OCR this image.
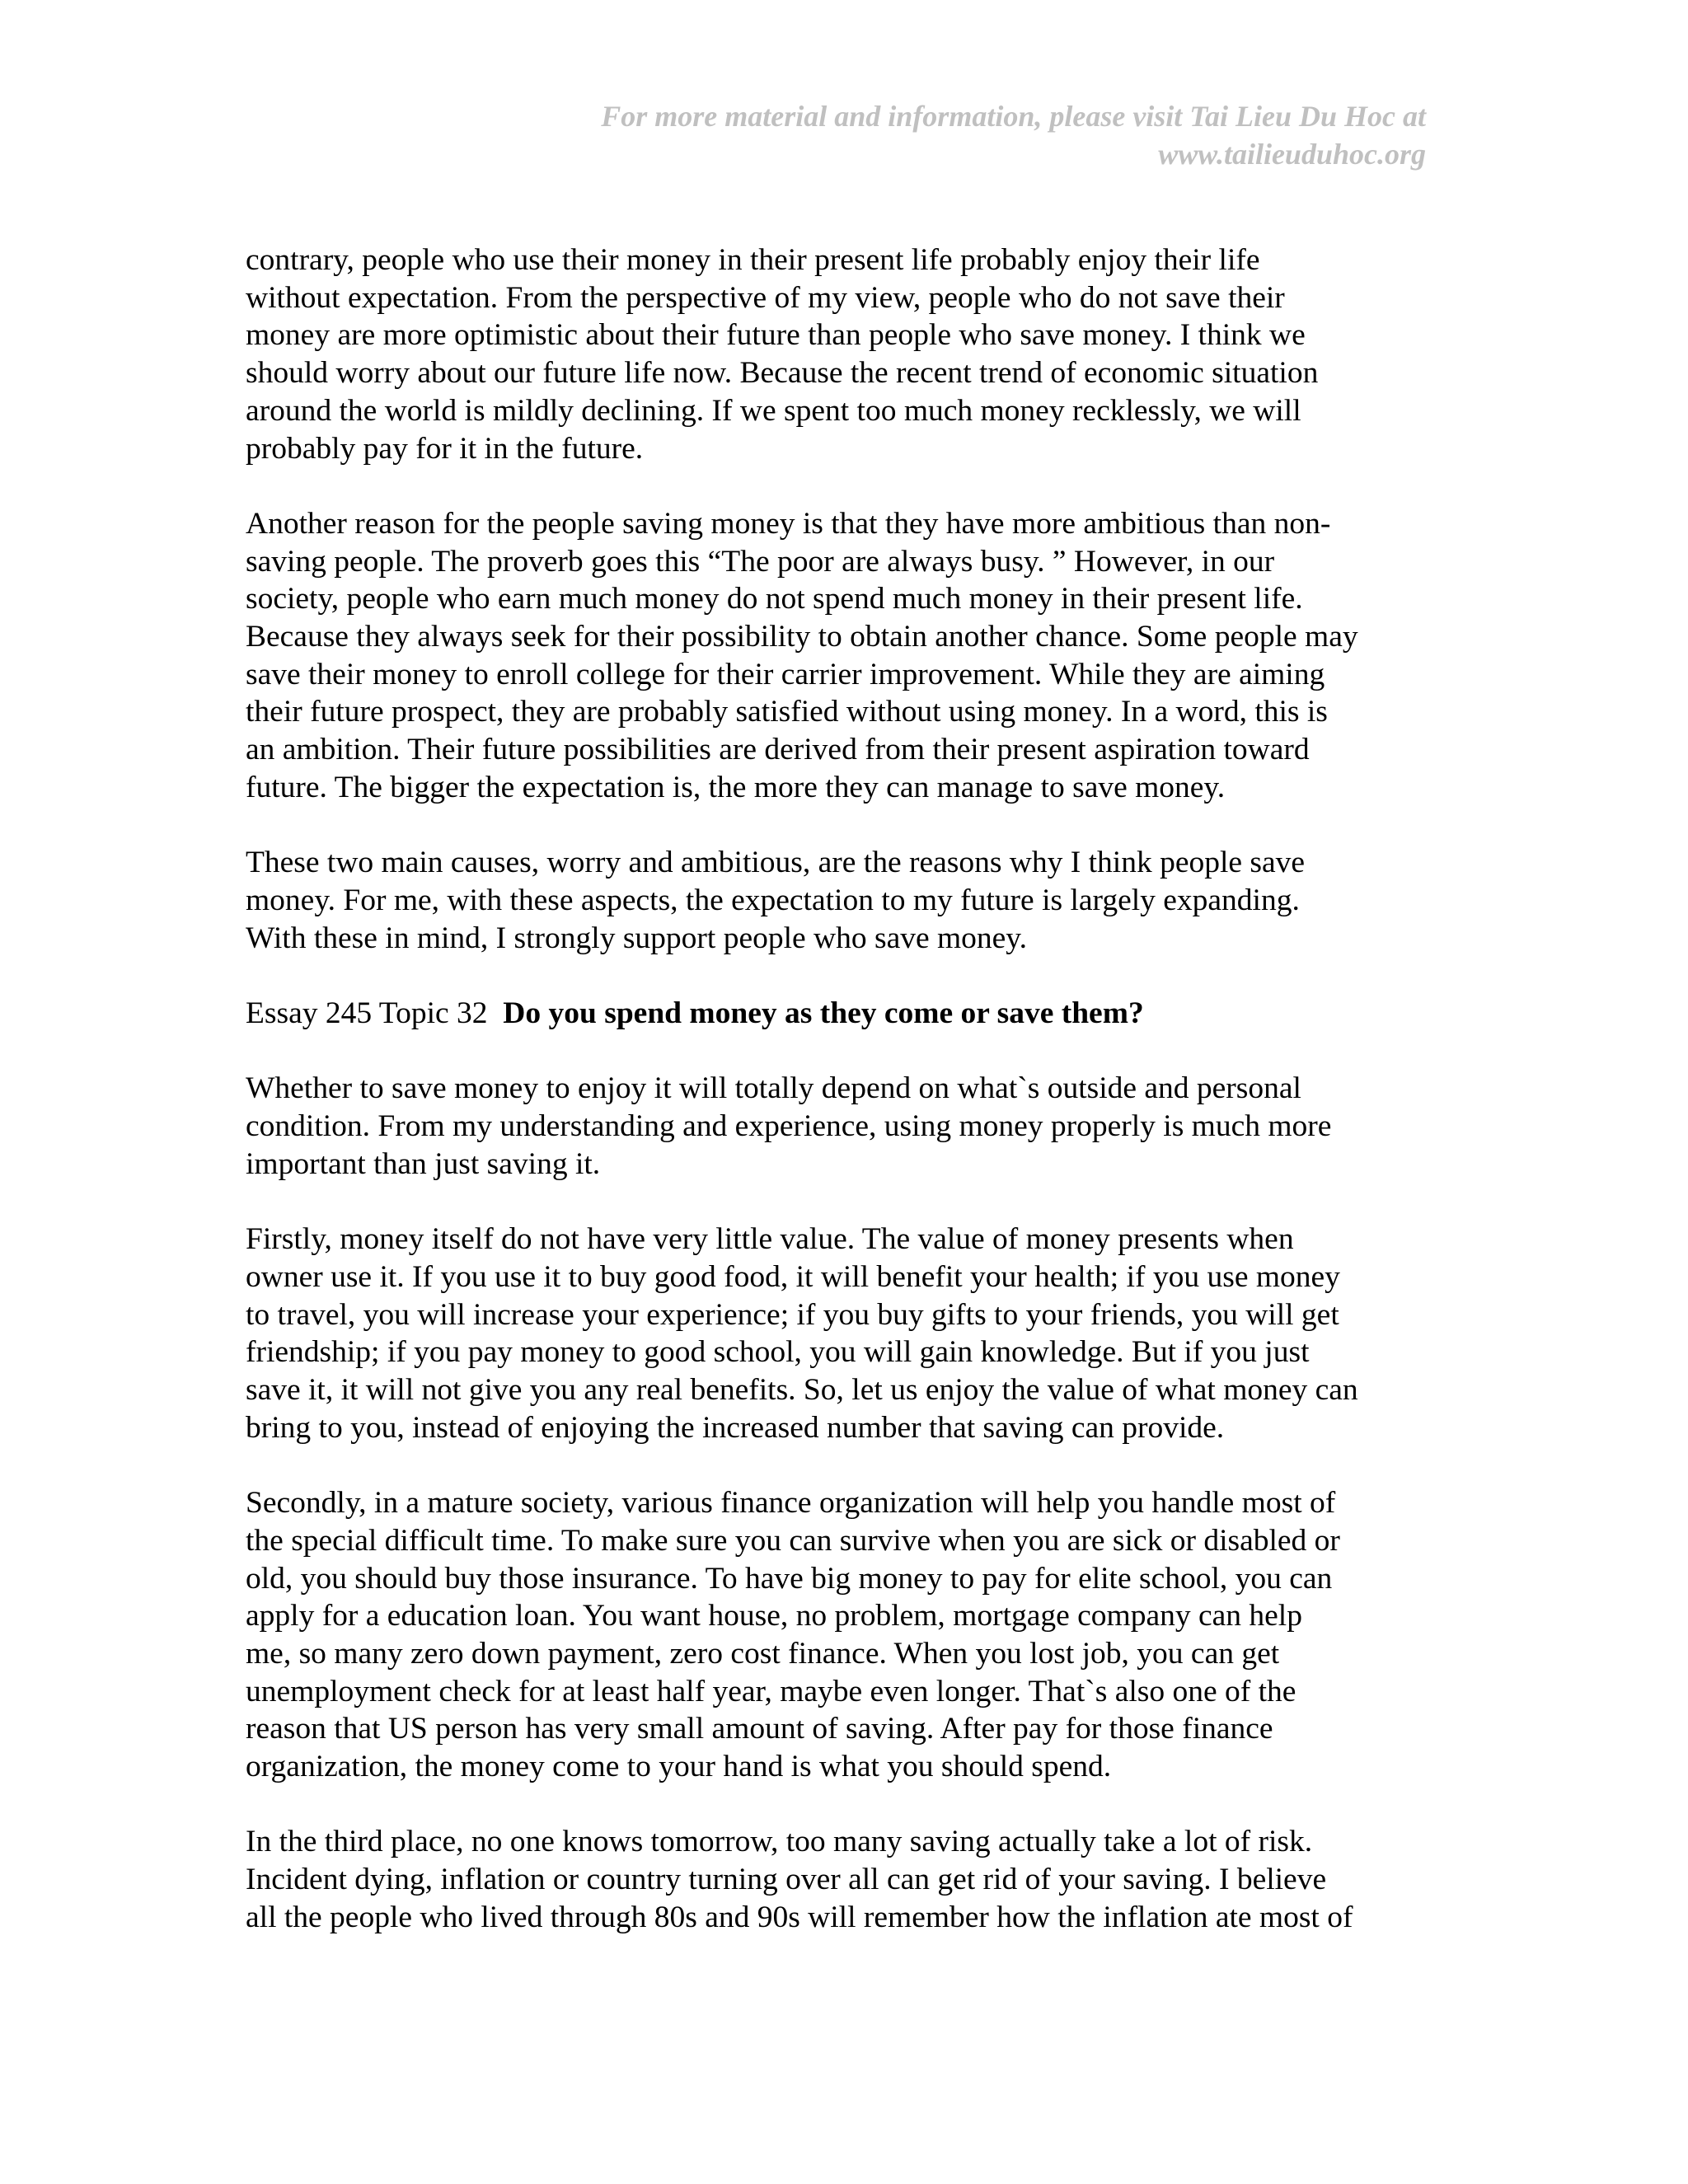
For more material and information, please visit Tai Lieu Du Hoc at
www.tailieuduhoc.org
contrary, people who use their money in their present life probably enjoy their life
without expectation. From the perspective of my view, people who do not save their
money are more optimistic about their future than people who save money. I think we
should worry about our future life now. Because the recent trend of economic situation
around the world is mildly declining. If we spent too much money recklessly, we will
probably pay for it in the future.
Another reason for the people saving money is that they have more ambitious than non-
saving people. The proverb goes this “The poor are always busy. ” However, in our
society, people who earn much money do not spend much money in their present life.
Because they always seek for their possibility to obtain another chance. Some people may
save their money to enroll college for their carrier improvement. While they are aiming
their future prospect, they are probably satisfied without using money. In a word, this is
an ambition. Their future possibilities are derived from their present aspiration toward
future. The bigger the expectation is, the more they can manage to save money.
These two main causes, worry and ambitious, are the reasons why I think people save
money. For me, with these aspects, the expectation to my future is largely expanding.
With these in mind, I strongly support people who save money.
Essay 245 Topic 32 Do you spend money as they come or save them?
Whether to save money to enjoy it will totally depend on what`s outside and personal
condition. From my understanding and experience, using money properly is much more
important than just saving it.
Firstly, money itself do not have very little value. The value of money presents when
owner use it. If you use it to buy good food, it will benefit your health; if you use money
to travel, you will increase your experience; if you buy gifts to your friends, you will get
friendship; if you pay money to good school, you will gain knowledge. But if you just
save it, it will not give you any real benefits. So, let us enjoy the value of what money can
bring to you, instead of enjoying the increased number that saving can provide.
Secondly, in a mature society, various finance organization will help you handle most of
the special difficult time. To make sure you can survive when you are sick or disabled or
old, you should buy those insurance. To have big money to pay for elite school, you can
apply for a education loan. You want house, no problem, mortgage company can help
me, so many zero down payment, zero cost finance. When you lost job, you can get
unemployment check for at least half year, maybe even longer. That`s also one of the
reason that US person has very small amount of saving. After pay for those finance
organization, the money come to your hand is what you should spend.
In the third place, no one knows tomorrow, too many saving actually take a lot of risk.
Incident dying, inflation or country turning over all can get rid of your saving. I believe
all the people who lived through 80s and 90s will remember how the inflation ate most of
